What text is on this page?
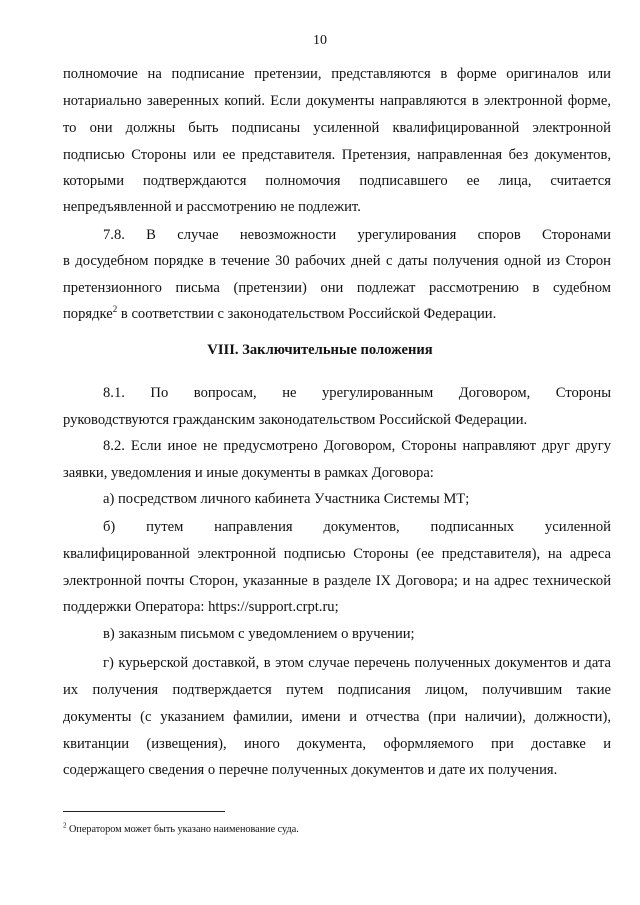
10
полномочие на подписание претензии, представляются в форме оригиналов или
нотариально заверенных копий. Если документы направляются в электронной форме,
то они должны быть подписаны усиленной квалифицированной электронной
подписью Стороны или ее представителя. Претензия, направленная без документов,
которыми подтверждаются полномочия подписавшего ее лица, считается
непредъявленной и рассмотрению не подлежит.
7.8. В случае невозможности урегулирования споров Сторонами
в досудебном порядке в течение 30 рабочих дней с даты получения одной из Сторон
претензионного письма (претензии) они подлежат рассмотрению в судебном
порядке$^2$ в соответствии с законодательством Российской Федерации.
VIII. Заключительные положения
8.1. По вопросам, не урегулированным Договором, Стороны
руководствуются гражданским законодательством Российской Федерации.
8.2. Если иное не предусмотрено Договором, Стороны направляют друг другу
заявки, уведомления и иные документы в рамках Договора:
а) посредством личного кабинета Участника Системы МТ;
б) путем направления документов, подписанных усиленной
квалифицированной электронной подписью Стороны (ее представителя), на адреса
электронной почты Сторон, указанные в разделе IX Договора; и на адрес технической
поддержки Оператора: https://support.crpt.ru;
в) заказным письмом с уведомлением о вручении;
г) курьерской доставкой, в этом случае перечень полученных документов и дата
их получения подтверждается путем подписания лицом, получившим такие
документы (с указанием фамилии, имени и отчества (при наличии), должности),
квитанции (извещения), иного документа, оформляемого при доставке и
содержащего сведения о перечне полученных документов и дате их получения.
$^2$ Оператором может быть указано наименование суда.
